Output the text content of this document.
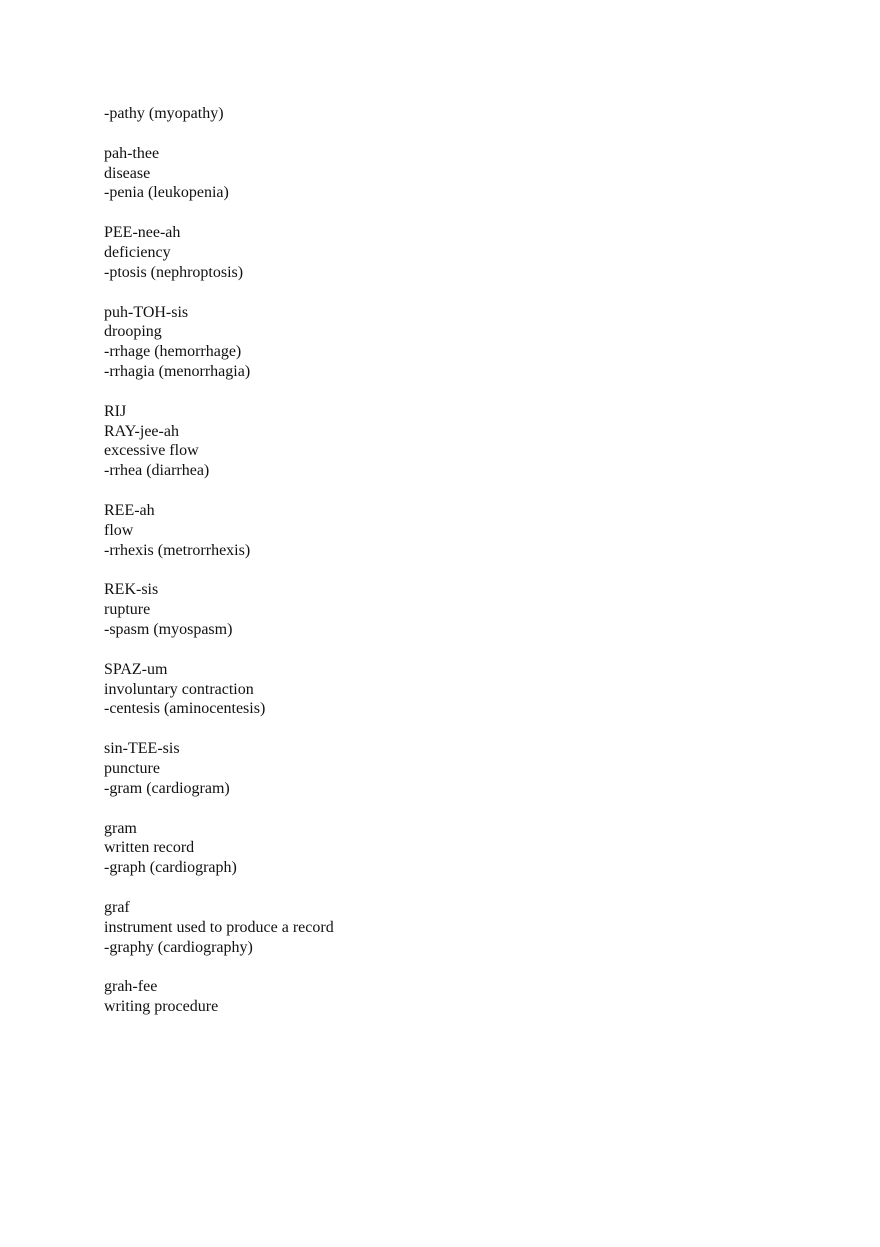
-pathy (myopathy)
pah-thee
disease
-penia (leukopenia)
PEE-nee-ah
deficiency
-ptosis (nephroptosis)
puh-TOH-sis
drooping
-rrhage (hemorrhage)
-rrhagia (menorrhagia)
RIJ
RAY-jee-ah
excessive flow
-rrhea (diarrhea)
REE-ah
flow
-rrhexis (metrorrhexis)
REK-sis
rupture
-spasm (myospasm)
SPAZ-um
involuntary contraction
-centesis (aminocentesis)
sin-TEE-sis
puncture
-gram (cardiogram)
gram
written record
-graph (cardiograph)
graf
instrument used to produce a record
-graphy (cardiography)
grah-fee
writing procedure
